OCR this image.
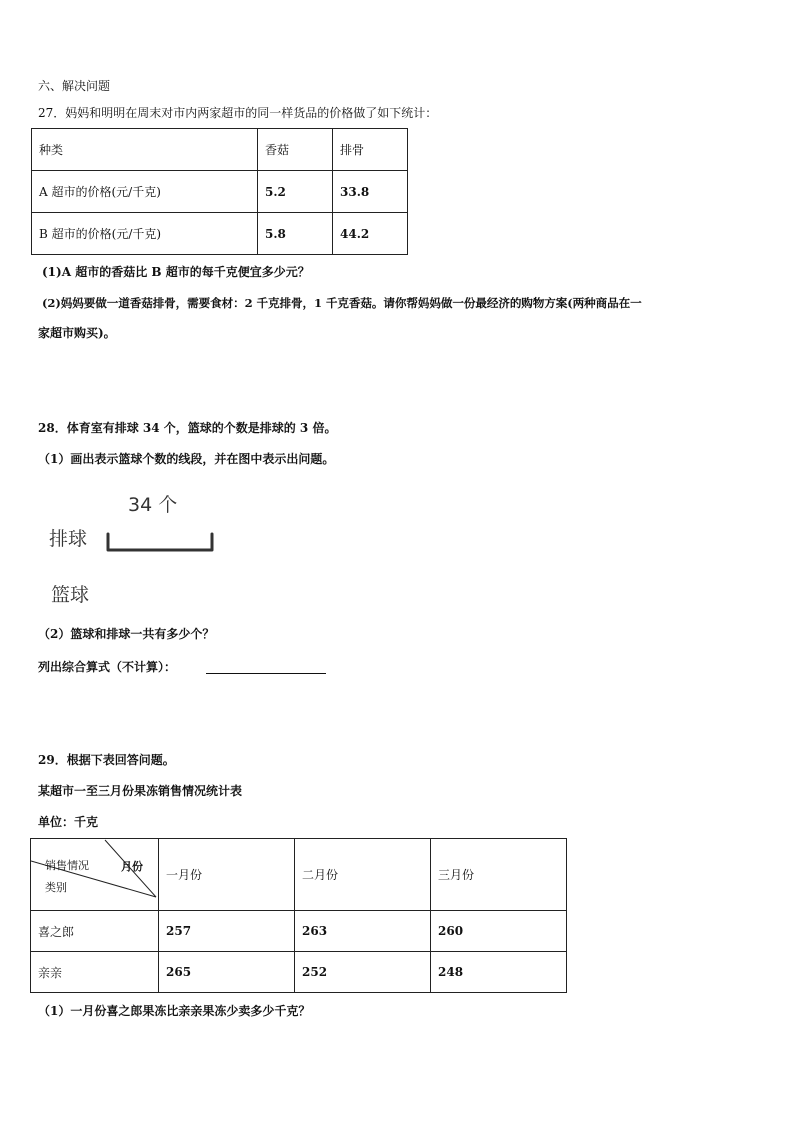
六、解决问题
27．妈妈和明明在周末对市内两家超市的同一样货品的价格做了如下统计：
种类	香菇	排骨
A 超市的价格(元/千克)	5.2	33.8
B 超市的价格(元/千克)	5.8	44.2
(1)A 超市的香菇比 B 超市的每千克便宜多少元？
(2)妈妈要做一道香菇排骨，需要食材：2 千克排骨，1 千克香菇。请你帮妈妈做一份最经济的购物方案(两种商品在一
家超市购买)。
28．体育室有排球 34 个，篮球的个数是排球的 3 倍。
（1）画出表示篮球个数的线段，并在图中表示出问题。
34 个
排球
篮球
（2）篮球和排球一共有多少个？
列出综合算式（不计算）：
29．根据下表回答问题。
某超市一至三月份果冻销售情况统计表
单位：千克
销售情况 月份
类别	一月份	二月份	三月份
喜之郎	257	263	260
亲亲	265	252	248
（1）一月份喜之郎果冻比亲亲果冻少卖多少千克？
